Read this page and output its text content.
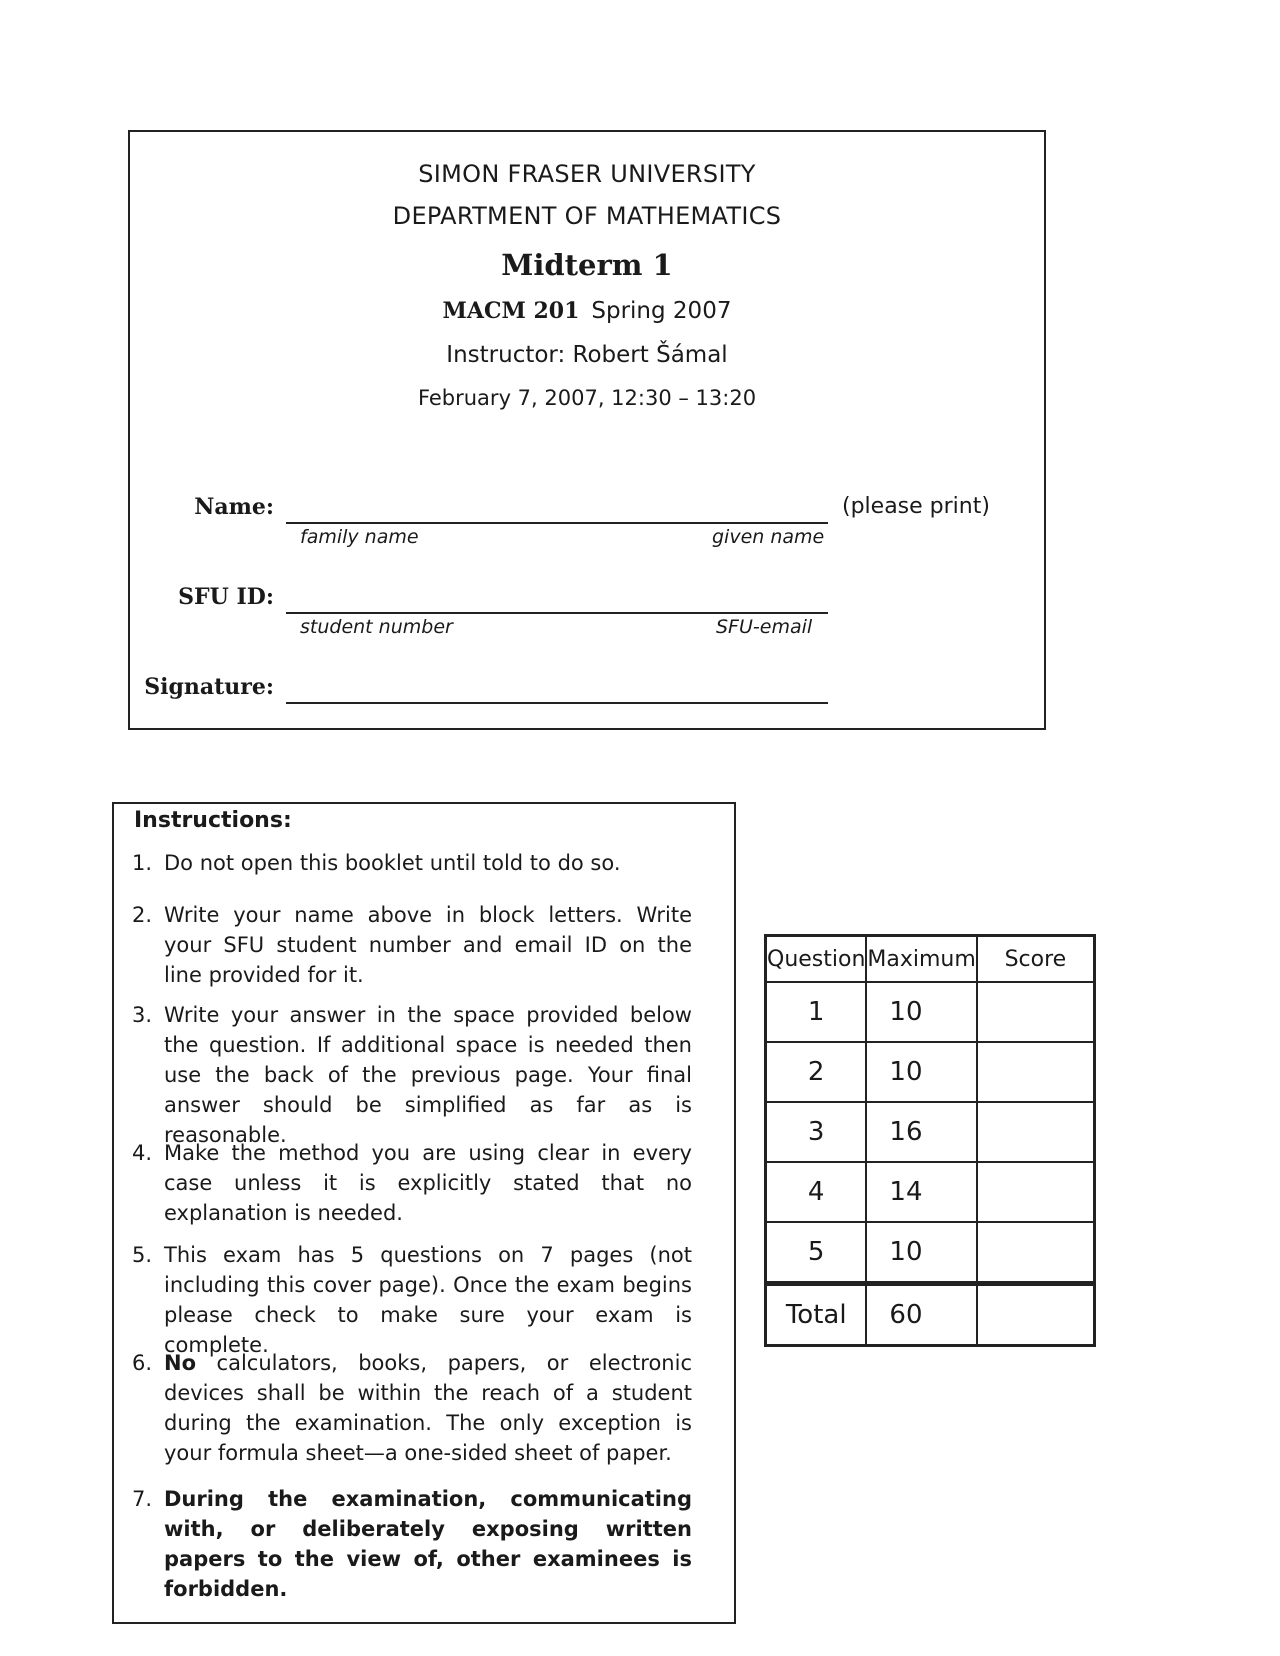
SIMON FRASER UNIVERSITY
DEPARTMENT OF MATHEMATICS
Midterm 1
MACM 201 Spring 2007
Instructor: Robert Šámal
February 7, 2007, 12:30 – 13:20
Name:	(please print)
family name	given name
SFU ID:
student number	SFU-email
Signature:
Instructions:
1. Do not open this booklet until told to do so.
2. Write your name above in block letters. Write your SFU student number and email ID on the line provided for it.
3. Write your answer in the space provided below the question. If additional space is needed then use the back of the previous page. Your final answer should be simplified as far as is reasonable.
4. Make the method you are using clear in every case unless it is explicitly stated that no explanation is needed.
5. This exam has 5 questions on 7 pages (not including this cover page). Once the exam begins please check to make sure your exam is complete.
6. No calculators, books, papers, or electronic devices shall be within the reach of a student during the examination. The only exception is your formula sheet—a one-sided sheet of paper.
7. During the examination, communicating with, or deliberately exposing written papers to the view of, other examinees is forbidden.
Question	Maximum	Score
1	10	
2	10	
3	16	
4	14	
5	10	
Total	60	
